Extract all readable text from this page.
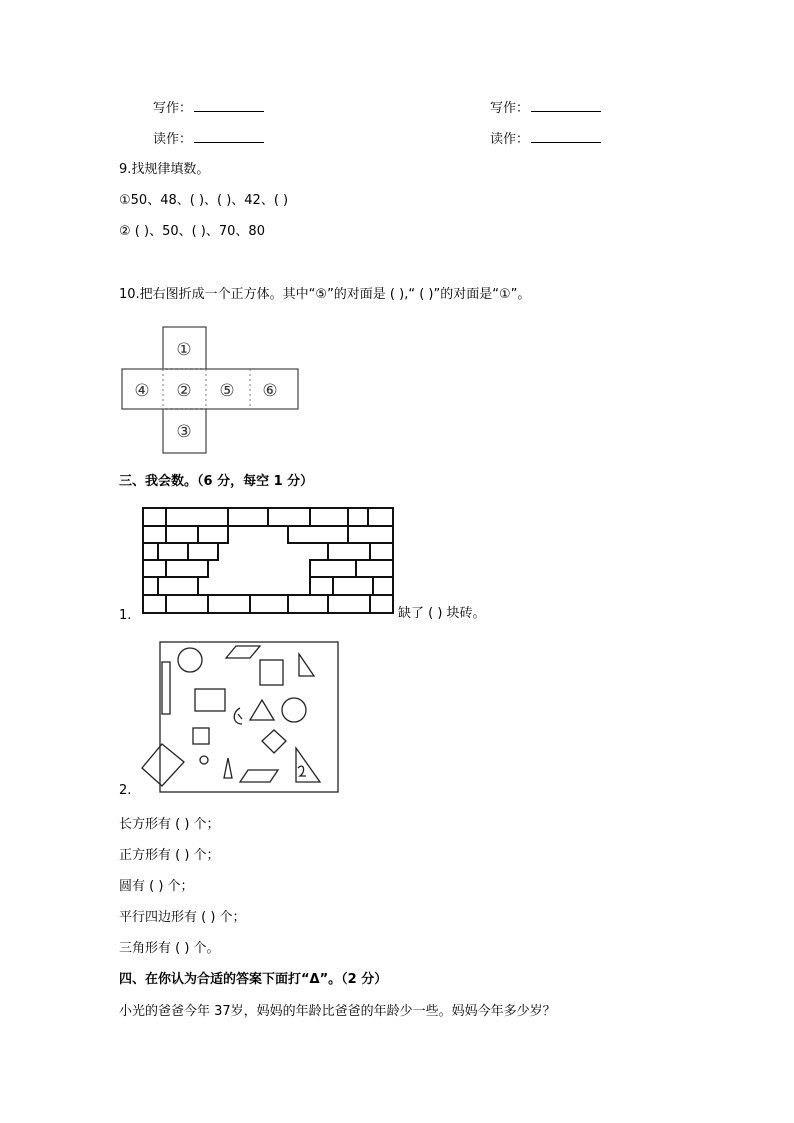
写作：	写作：
读作：	读作：
9.找规律填数。
①50、48、( )、( )、42、( )
② ( )、50、( )、70、80
10.把右图折成一个正方体。其中“⑤”的对面是 ( ),“ ( )”的对面是“①”。
①
④ ② ⑤ ⑥
③
三、我会数。（6 分，每空 1 分）
1.	缺了 ( ) 块砖。
2.
长方形有 ( ) 个；
正方形有 ( ) 个；
圆有 ( ) 个；
平行四边形有 ( ) 个；
三角形有 ( ) 个。
四、在你认为合适的答案下面打“Δ”。（2 分）
小光的爸爸今年 37岁，妈妈的年龄比爸爸的年龄少一些。妈妈今年多少岁？
